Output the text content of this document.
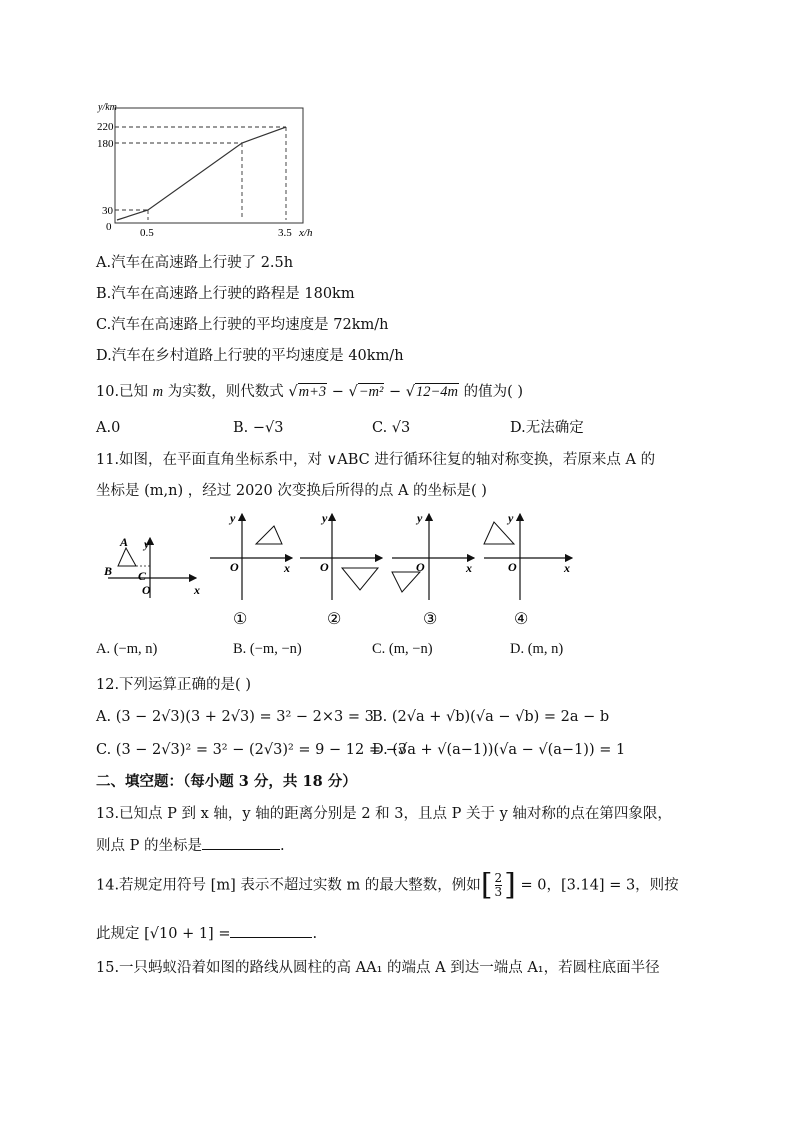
y/km
220
180
30
0	0.5	3.5 x/h
A.汽车在高速路上行驶了 2.5h
B.汽车在高速路上行驶的路程是 180km
C.汽车在高速路上行驶的平均速度是 72km/h
D.汽车在乡村道路上行驶的平均速度是 40km/h
10.已知 m 为实数，则代数式 √m+3 − √−m² − √12−4m 的值为( )
A.0	B. −√3	C. √3	D.无法确定
11.如图，在平面直角坐标系中，对 ∨ABC 进行循环往复的轴对称变换，若原来点 A 的
坐标是 (m,n) ，经过 2020 次变换后所得的点 A 的坐标是( )
A
B C
y
O	x
y
O	x
①
y
O
②
y
O	x
③
y
O	x
④
A. (−m, n)	B. (−m, −n)	C. (m, −n)	D. (m, n)
12.下列运算正确的是( )
A. (3 − 2√3)(3 + 2√3) = 3² − 2×3 = 3
B. (2√a + √b)(√a − √b) = 2a − b
C. (3 − 2√3)² = 3² − (2√3)² = 9 − 12 = −3
D. (√a + √(a−1))(√a − √(a−1)) = 1
二、填空题：（每小题 3 分，共 18 分）
13.已知点 P 到 x 轴，y 轴的距离分别是 2 和 3，且点 P 关于 y 轴对称的点在第四象限，
则点 P 的坐标是	.
14.若规定用符号 [m] 表示不超过实数 m 的最大整数，例如[ $\frac{2}{3}$ ] = 0，[3.14] = 3，则按
此规定 [√10 + 1] =	.
15.一只蚂蚁沿着如图的路线从圆柱的高 AA₁ 的端点 A 到达一端点 A₁，若圆柱底面半径
